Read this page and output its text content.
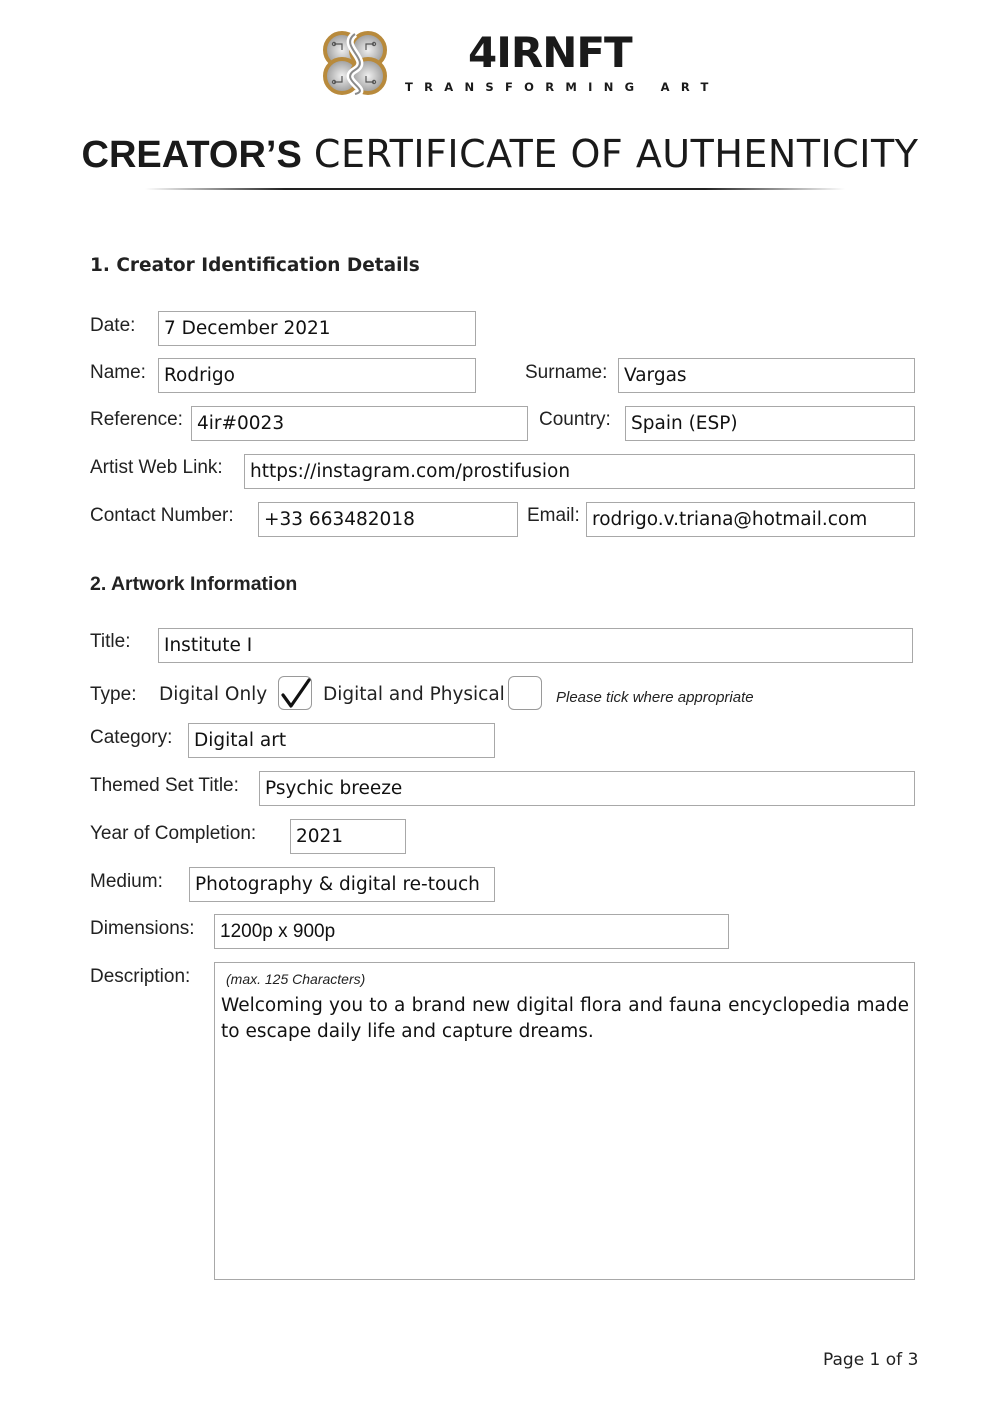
4IRNFT
TRANSFORMING ART
CREATOR’S CERTIFICATE OF AUTHENTICITY
1. Creator Identification Details
Date:	7 December 2021
Name: Rodrigo	Surname: Vargas
Reference: 4ir#0023	Country:	Spain (ESP)
Artist Web Link:	https://instagram.com/prostifusion
Contact Number:	+33 663482018	Email: rodrigo.v.triana@hotmail.com
2. Artwork Information
Title:	Institute I
Type: Digital Only	Digital and Physical	Please tick where appropriate
Category:	Digital art
Themed Set Title:	Psychic breeze
Year of Completion:	2021
Medium:	Photography & digital re-touch
Dimensions:	1200p x 900p
Description:	(max. 125 Characters)
Welcoming you to a brand new digital flora and fauna encyclopedia made to escape daily life and capture dreams.
Page 1 of 3
